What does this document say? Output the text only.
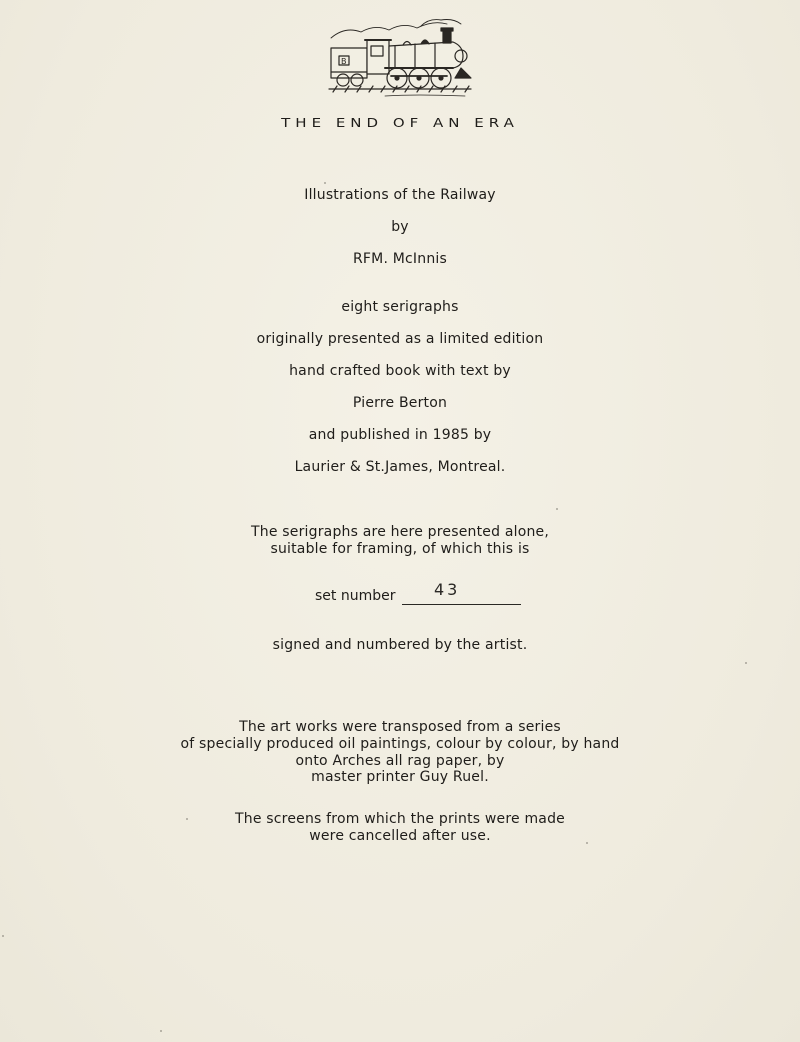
B
THE END OF AN ERA
Illustrations of the Railway
by
RFM. McInnis
eight serigraphs
originally presented as a limited edition
hand crafted book with text by
Pierre Berton
and published in 1985 by
Laurier & St.James, Montreal.
The serigraphs are here presented alone,
suitable for framing, of which this is
set number 43
signed and numbered by the artist.
The art works were transposed from a series
of specially produced oil paintings, colour by colour, by hand
onto Arches all rag paper, by
master printer Guy Ruel.
The screens from which the prints were made
were cancelled after use.
